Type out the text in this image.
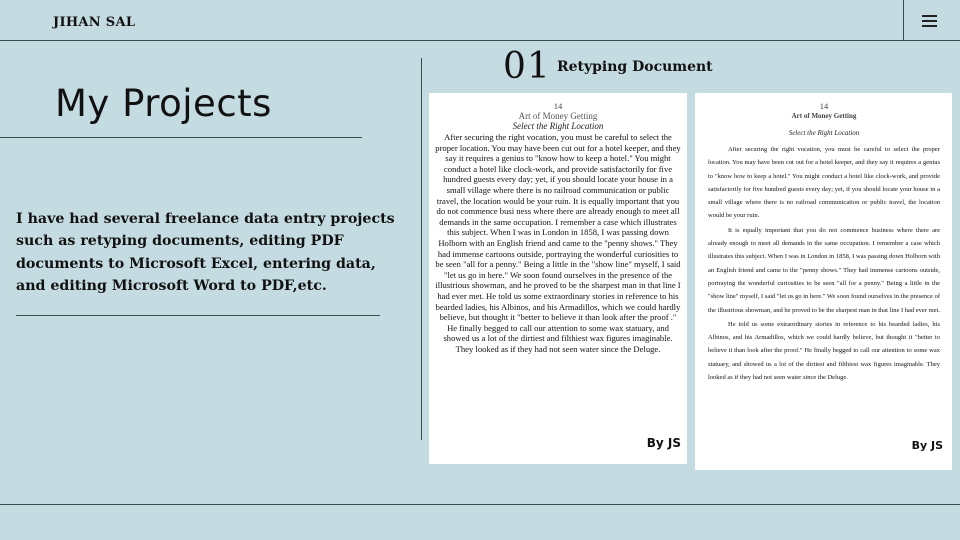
JIHAN SAL
My Projects

I have had several freelance data entry projects such as retyping documents, editing PDF documents to Microsoft Excel, entering data, and editing Microsoft Word to PDF,etc.

01 Retyping Document
14
Art of Money Getting
Select the Right Location
After securing the right vocation, you must be careful to select the proper location. You may have been cut out for a hotel keeper, and they say it requires a genius to "know how to keep a hotel." You might conduct a hotel like clock-work, and provide satisfactorily for five hundred guests every day; yet, if you should locate your house in a small village where there is no railroad communication or public travel, the location would be your ruin. It is equally important that you do not commence busi ness where there are already enough to meet all demands in the same occupation. I remember a case which illustrates this subject. When I was in London in 1858, I was passing down Holborn with an English friend and came to the "penny shows." They had immense cartoons outside, portraying the wonderful curiosities to be seen "all for a penny." Being a little in the "show line" myself, I said "let us go in here." We soon found ourselves in the presence of the illustrious showman, and he proved to be the sharpest man in that line I had ever met. He told us some extraordinary stories in reference to his bearded ladies, his Albinos, and his Armadillos, which we could hardly believe, but thought it "better to believe it than look after the proof ." He finally begged to call our attention to some wax statuary, and showed us a lot of the dirtiest and filthiest wax figures imaginable. They looked as if they had not seen water since the Deluge.
By JS
14
Art of Money Getting
Select the Right Location

After securing the right vocation, you must be careful to select the proper location. You may have been cut out for a hotel keeper, and they say it requires a genius to "know how to keep a hotel." You might conduct a hotel like clock-work, and provide satisfactorily for five hundred guests every day; yet, if you should locate your house in a small village where there is no railroad communication or public travel, the location would be your ruin.

It is equally important that you do not commence business where there are already enough to meet all demands in the same occupation. I remember a case which illustrates this subject. When I was in London in 1858, I was passing down Holborn with an English friend and came to the "penny shows." They had immense cartoons outside, portraying the wonderful curiosities to be seen "all for a penny." Being a little in the "show line" myself, I said "let us go in here." We soon found ourselves in the presence of the illustrious showman, and he proved to be the sharpest man in that line I had ever met.

He told us some extraordinary stories in reference to his bearded ladies, his Albinos, and his Armadillos, which we could hardly believe, but thought it "better to believe it than look after the proof." He finally begged to call our attention to some wax statuary, and showed us a lot of the dirtiest and filthiest wax figures imaginable. They looked as if they had not seen water since the Deluge.

By JS
